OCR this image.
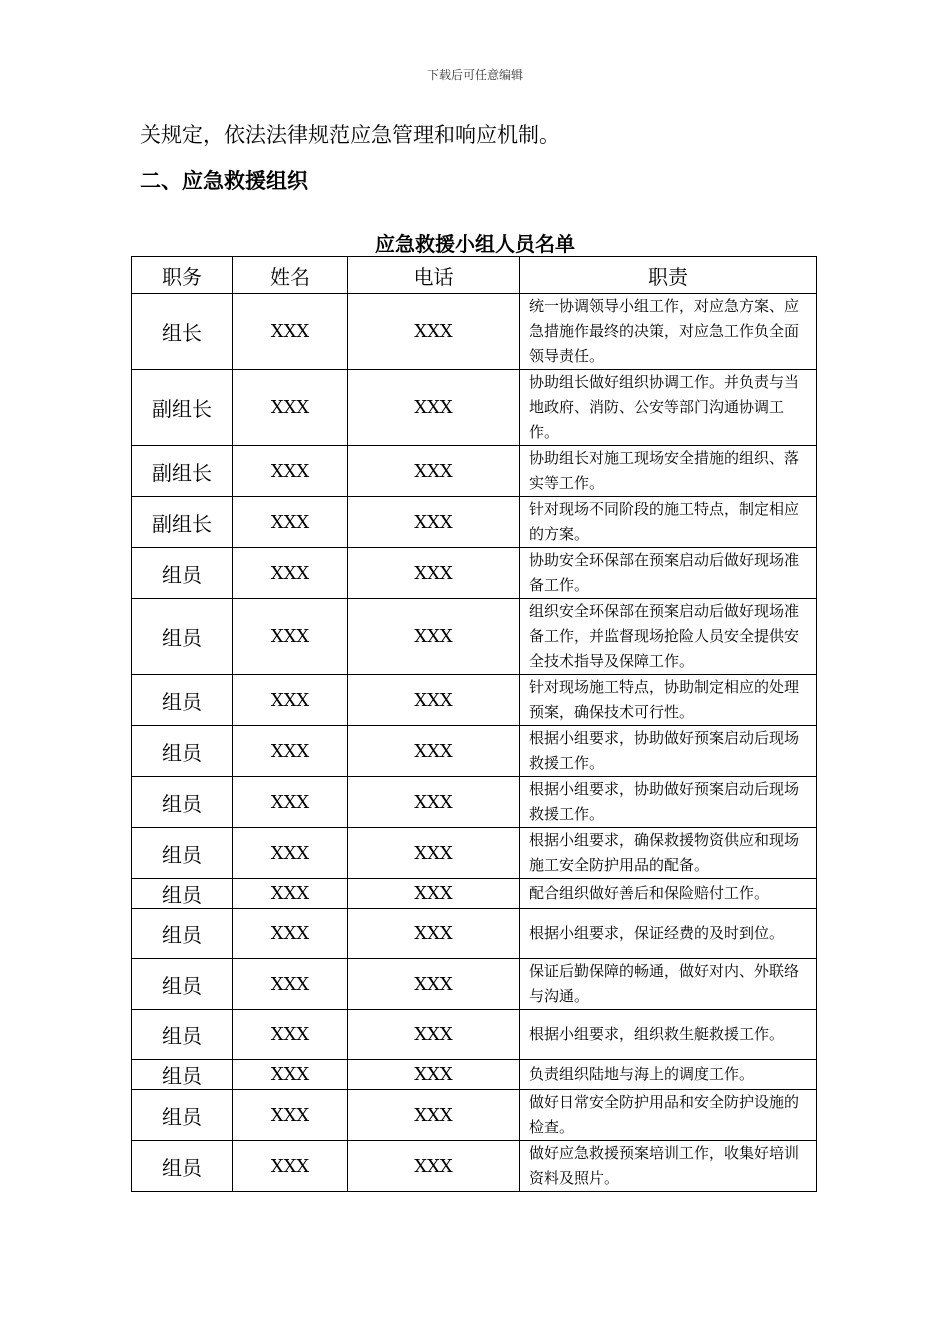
下载后可任意编辑
关规定，依法法律规范应急管理和响应机制。
二、应急救援组织
应急救援小组人员名单
职务	姓名	电话	职责
组长	XXX	XXX	统一协调领导小组工作，对应急方案、应急措施作最终的决策，对应急工作负全面领导责任。
副组长	XXX	XXX	协助组长做好组织协调工作。并负责与当地政府、消防、公安等部门沟通协调工作。
副组长	XXX	XXX	协助组长对施工现场安全措施的组织、落实等工作。
副组长	XXX	XXX	针对现场不同阶段的施工特点，制定相应的方案。
组员	XXX	XXX	协助安全环保部在预案启动后做好现场准备工作。
组员	XXX	XXX	组织安全环保部在预案启动后做好现场准备工作，并监督现场抢险人员安全提供安全技术指导及保障工作。
组员	XXX	XXX	针对现场施工特点，协助制定相应的处理预案，确保技术可行性。
组员	XXX	XXX	根据小组要求，协助做好预案启动后现场救援工作。
组员	XXX	XXX	根据小组要求，协助做好预案启动后现场救援工作。
组员	XXX	XXX	根据小组要求，确保救援物资供应和现场施工安全防护用品的配备。
组员	XXX	XXX	配合组织做好善后和保险赔付工作。
组员	XXX	XXX	根据小组要求，保证经费的及时到位。
组员	XXX	XXX	保证后勤保障的畅通，做好对内、外联络与沟通。
组员	XXX	XXX	根据小组要求，组织救生艇救援工作。
组员	XXX	XXX	负责组织陆地与海上的调度工作。
组员	XXX	XXX	做好日常安全防护用品和安全防护设施的检查。
组员	XXX	XXX	做好应急救援预案培训工作，收集好培训资料及照片。
